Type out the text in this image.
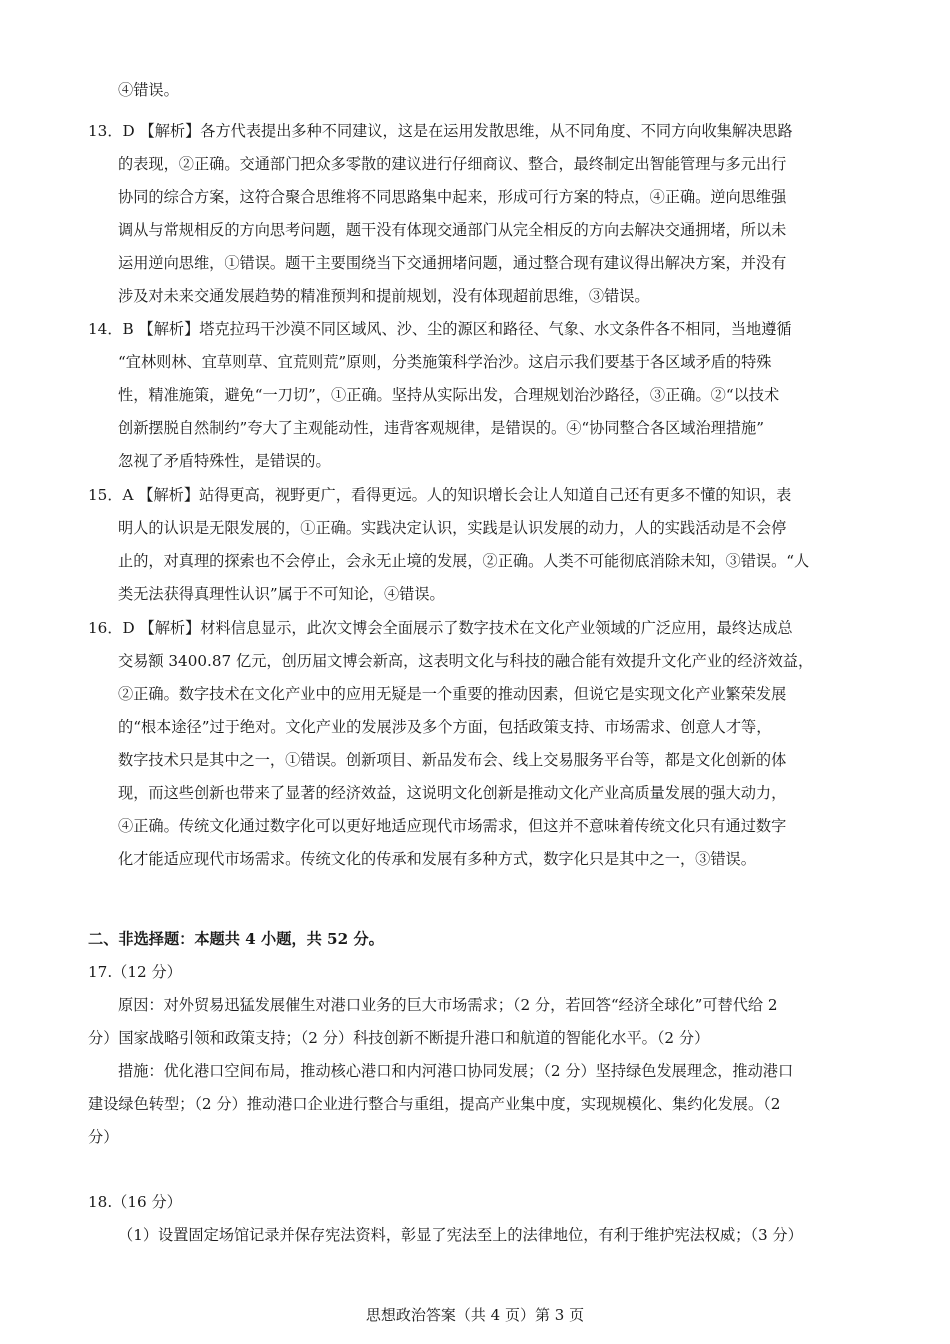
④错误。
13．D 【解析】各方代表提出多种不同建议，这是在运用发散思维，从不同角度、不同方向收集解决思路
的表现，②正确。交通部门把众多零散的建议进行仔细商议、整合，最终制定出智能管理与多元出行
协同的综合方案，这符合聚合思维将不同思路集中起来，形成可行方案的特点，④正确。逆向思维强
调从与常规相反的方向思考问题，题干没有体现交通部门从完全相反的方向去解决交通拥堵，所以未
运用逆向思维，①错误。题干主要围绕当下交通拥堵问题，通过整合现有建议得出解决方案，并没有
涉及对未来交通发展趋势的精准预判和提前规划，没有体现超前思维，③错误。
14．B 【解析】塔克拉玛干沙漠不同区域风、沙、尘的源区和路径、气象、水文条件各不相同，当地遵循
“宜林则林、宜草则草、宜荒则荒”原则，分类施策科学治沙。这启示我们要基于各区域矛盾的特殊
性，精准施策，避免“一刀切”，①正确。坚持从实际出发，合理规划治沙路径，③正确。②“以技术
创新摆脱自然制约”夸大了主观能动性，违背客观规律，是错误的。④“协同整合各区域治理措施”
忽视了矛盾特殊性，是错误的。
15．A 【解析】站得更高，视野更广，看得更远。人的知识增长会让人知道自己还有更多不懂的知识，表
明人的认识是无限发展的，①正确。实践决定认识，实践是认识发展的动力，人的实践活动是不会停
止的，对真理的探索也不会停止，会永无止境的发展，②正确。人类不可能彻底消除未知，③错误。“人
类无法获得真理性认识”属于不可知论，④错误。
16．D 【解析】材料信息显示，此次文博会全面展示了数字技术在文化产业领域的广泛应用，最终达成总
交易额 3400.87 亿元，创历届文博会新高，这表明文化与科技的融合能有效提升文化产业的经济效益，
②正确。数字技术在文化产业中的应用无疑是一个重要的推动因素，但说它是实现文化产业繁荣发展
的“根本途径”过于绝对。文化产业的发展涉及多个方面，包括政策支持、市场需求、创意人才等，
数字技术只是其中之一，①错误。创新项目、新品发布会、线上交易服务平台等，都是文化创新的体
现，而这些创新也带来了显著的经济效益，这说明文化创新是推动文化产业高质量发展的强大动力，
④正确。传统文化通过数字化可以更好地适应现代市场需求，但这并不意味着传统文化只有通过数字
化才能适应现代市场需求。传统文化的传承和发展有多种方式，数字化只是其中之一，③错误。
二、非选择题：本题共 4 小题，共 52 分。
17.（12 分）
原因：对外贸易迅猛发展催生对港口业务的巨大市场需求；（2 分，若回答“经济全球化”可替代给 2
分）国家战略引领和政策支持；（2 分）科技创新不断提升港口和航道的智能化水平。（2 分）
措施：优化港口空间布局，推动核心港口和内河港口协同发展；（2 分）坚持绿色发展理念，推动港口
建设绿色转型；（2 分）推动港口企业进行整合与重组，提高产业集中度，实现规模化、集约化发展。（2
分）
18.（16 分）
（1）设置固定场馆记录并保存宪法资料，彰显了宪法至上的法律地位，有利于维护宪法权威；（3 分）
思想政治答案（共 4 页）第 3 页
